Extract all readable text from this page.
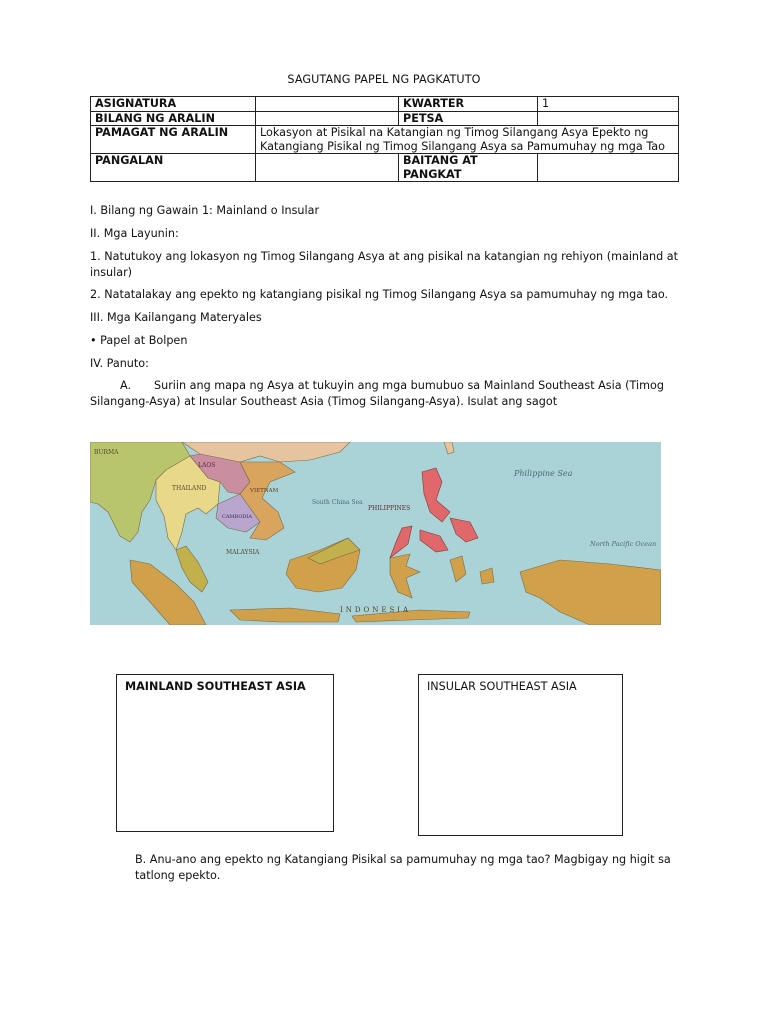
SAGUTANG PAPEL NG PAGKATUTO
ASIGNATURA		KWARTER	1
BILANG NG ARALIN		PETSA	
PAMAGAT NG ARALIN	Lokasyon at Pisikal na Katangian ng Timog Silangang Asya Epekto ng Katangiang Pisikal ng Timog Silangang Asya sa Pamumuhay ng mga Tao		
PANGALAN		BAITANG AT PANGKAT	
I. Bilang ng Gawain 1: Mainland o Insular
II. Mga Layunin:
1. Natutukoy ang lokasyon ng Timog Silangang Asya at ang pisikal na katangian ng rehiyon (mainland at insular)
2. Natatalakay ang epekto ng katangiang pisikal ng Timog Silangang Asya sa pamumuhay ng mga tao.
III. Mga Kailangang Materyales
• Papel at Bolpen
IV. Panuto:
A. Suriin ang mapa ng Asya at tukuyin ang mga bumubuo sa Mainland Southeast Asia (Timog Silangang-Asya) at Insular Southeast Asia (Timog Silangang-Asya). Isulat ang sagot
BURMA
LAOS
THAILAND	VIETNAM
CAMBODIA
South China Sea
PHILIPPINES
Philippine Sea
MALAYSIA
INDONESIA
North Pacific Ocean
MAINLAND SOUTHEAST ASIA	INSULAR SOUTHEAST ASIA
B. Anu-ano ang epekto ng Katangiang Pisikal sa pamumuhay ng mga tao? Magbigay ng higit sa tatlong epekto.
